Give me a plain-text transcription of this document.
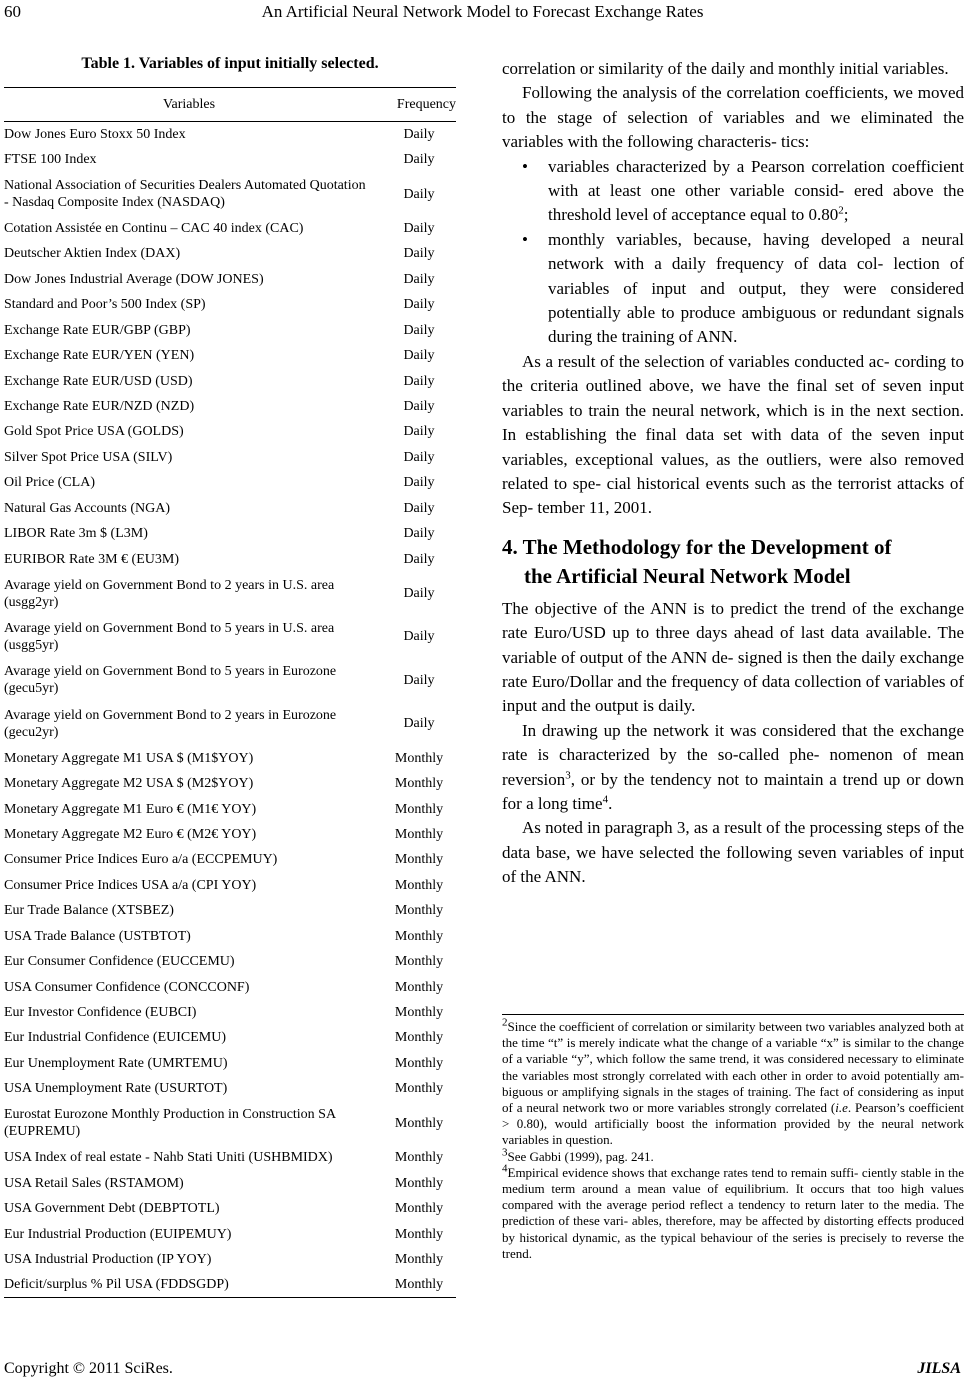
60	An Artificial Neural Network Model to Forecast Exchange Rates
Table 1. Variables of input initially selected.
Variables	Frequency
Dow Jones Euro Stoxx 50 Index	Daily
FTSE 100 Index	Daily
National Association of Securities Dealers Automated Quotation - Nasdaq Composite Index (NASDAQ)	Daily
Cotation Assistée en Continu – CAC 40 index (CAC)	Daily
Deutscher Aktien Index (DAX)	Daily
Dow Jones Industrial Average (DOW JONES)	Daily
Standard and Poor’s 500 Index (SP)	Daily
Exchange Rate EUR/GBP (GBP)	Daily
Exchange Rate EUR/YEN (YEN)	Daily
Exchange Rate EUR/USD (USD)	Daily
Exchange Rate EUR/NZD (NZD)	Daily
Gold Spot Price USA (GOLDS)	Daily
Silver Spot Price USA (SILV)	Daily
Oil Price (CLA)	Daily
Natural Gas Accounts (NGA)	Daily
LIBOR Rate 3m $ (L3M)	Daily
EURIBOR Rate 3M € (EU3M)	Daily
Avarage yield on Government Bond to 2 years in U.S. area (usgg2yr)	Daily
Avarage yield on Government Bond to 5 years in U.S. area (usgg5yr)	Daily
Avarage yield on Government Bond to 5 years in Eurozone (gecu5yr)	Daily
Avarage yield on Government Bond to 2 years in Eurozone (gecu2yr)	Daily
Monetary Aggregate M1 USA $ (M1$YOY)	Monthly
Monetary Aggregate M2 USA $ (M2$YOY)	Monthly
Monetary Aggregate M1 Euro € (M1€ YOY)	Monthly
Monetary Aggregate M2 Euro € (M2€ YOY)	Monthly
Consumer Price Indices Euro a/a (ECCPEMUY)	Monthly
Consumer Price Indices USA a/a (CPI YOY)	Monthly
Eur Trade Balance (XTSBEZ)	Monthly
USA Trade Balance (USTBTOT)	Monthly
Eur Consumer Confidence (EUCCEMU)	Monthly
USA Consumer Confidence (CONCCONF)	Monthly
Eur Investor Confidence (EUBCI)	Monthly
Eur Industrial Confidence (EUICEMU)	Monthly
Eur Unemployment Rate (UMRTEMU)	Monthly
USA Unemployment Rate (USURTOT)	Monthly
Eurostat Eurozone Monthly Production in Construction SA (EUPREMU)	Monthly
USA Index of real estate - Nahb Stati Uniti (USHBMIDX)	Monthly
USA Retail Sales (RSTAMOM)	Monthly
USA Government Debt (DEBPTOTL)	Monthly
Eur Industrial Production (EUIPEMUY)	Monthly
USA Industrial Production (IP YOY)	Monthly
Deficit/surplus % Pil USA (FDDSGDP)	Monthly

correlation or similarity of the daily and monthly initial variables.

Following the analysis of the correlation coefficients, we moved to the stage of selection of variables and we eliminated the variables with the following characteris- tics:

• variables characterized by a Pearson correlation coefficient with at least one other variable consid- ered above the threshold level of acceptance equal to 0.80$^2$;
• monthly variables, because, having developed a neural network with a daily frequency of data col- lection of variables of input and output, they were considered potentially able to produce ambiguous or redundant signals during the training of ANN.

As a result of the selection of variables conducted ac- cording to the criteria outlined above, we have the final set of seven input variables to train the neural network, which is in the next section. In establishing the final data set with data of the seven input variables, exceptional values, as the outliers, were also removed related to spe- cial historical events such as the terrorist attacks of Sep- tember 11, 2001.

4. The Methodology for the Development of
the Artificial Neural Network Model

The objective of the ANN is to predict the trend of the exchange rate Euro/USD up to three days ahead of last data available. The variable of output of the ANN de- signed is then the daily exchange rate Euro/Dollar and the frequency of data collection of variables of input and the output is daily.

In drawing up the network it was considered that the exchange rate is characterized by the so-called phe- nomenon of mean reversion$^3$, or by the tendency not to maintain a trend up or down for a long time$^4$.

As noted in paragraph 3, as a result of the processing steps of the data base, we have selected the following seven variables of input of the ANN.

$^2$Since the coefficient of correlation or similarity between two variables analyzed both at the time “t” is merely indicate what the change of a variable “x” is similar to the change of a variable “y”, which follow the same trend, it was considered necessary to eliminate the variables most strongly correlated with each other in order to avoid potentially am- biguous or amplifying signals in the stages of training. The fact of considering as input of a neural network two or more variables strongly correlated (i.e. Pearson’s coefficient > 0.80), would artificially boost the information provided by the neural network variables in question.

$^3$See Gabbi (1999), pag. 241.

$^4$Empirical evidence shows that exchange rates tend to remain suffi- ciently stable in the medium term around a mean value of equilibrium. It occurs that too high values compared with the average period reflect a tendency to return later to the media. The prediction of these vari- ables, therefore, may be affected by distorting effects produced by historical dynamic, as the typical behaviour of the series is precisely to reverse the trend.

Copyright © 2011 SciRes.	JILSA
